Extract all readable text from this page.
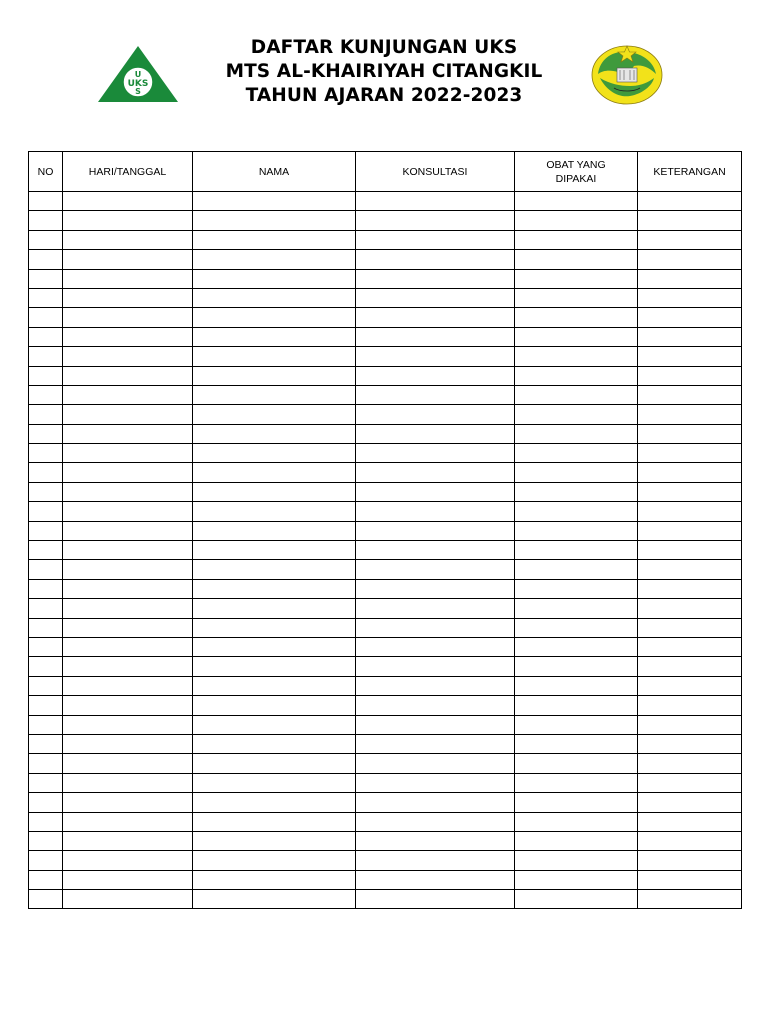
U
UKS
S
DAFTAR KUNJUNGAN UKS
MTS AL-KHAIRIYAH CITANGKIL
TAHUN AJARAN 2022-2023
NO	HARI/TANGGAL	NAMA	KONSULTASI	OBAT YANG DIPAKAI	KETERANGAN
